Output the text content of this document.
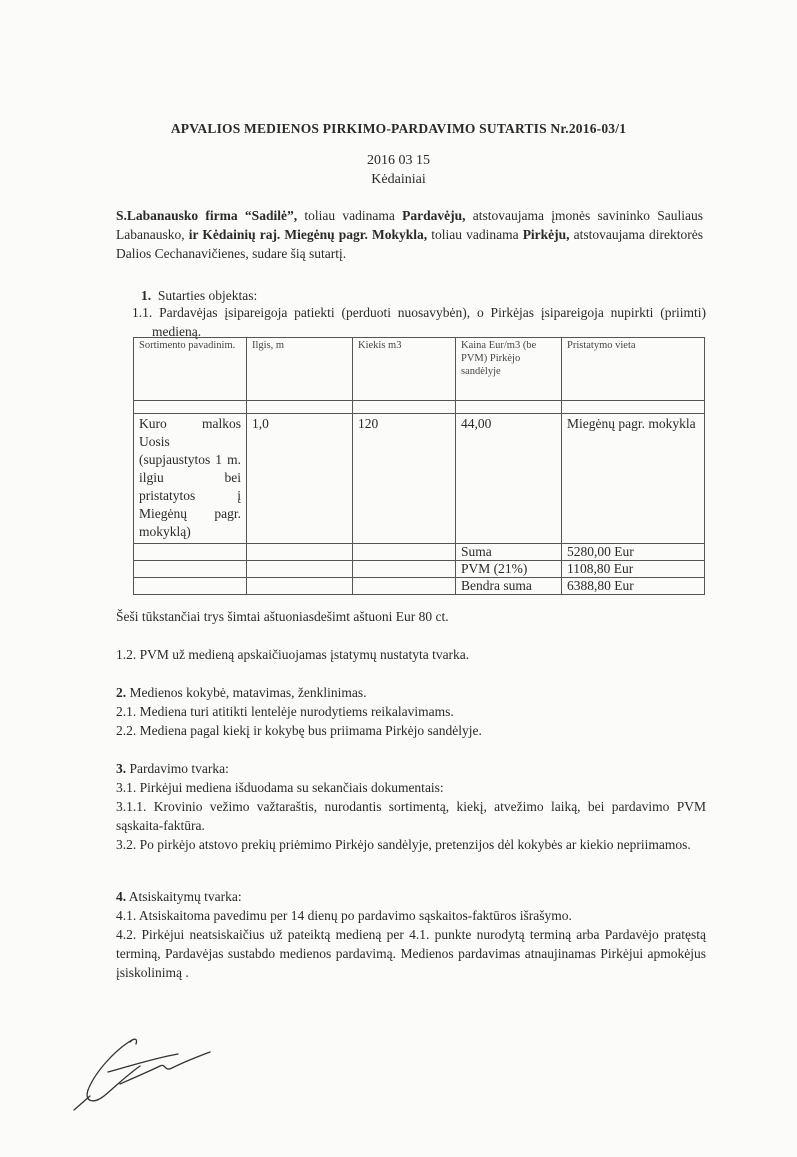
APVALIOS MEDIENOS PIRKIMO-PARDAVIMO SUTARTIS Nr.2016-03/1
2016 03 15
Kėdainiai
S.Labanausko firma “Sadilė”, toliau vadinama Pardavėju, atstovaujama įmonės savininko Sauliaus Labanausko, ir Kėdainių raj. Miegėnų pagr. Mokykla, toliau vadinama Pirkėju, atstovaujama direktorės Dalios Cechanavičienes, sudare šią sutartį.
1. Sutarties objektas:
1.1. Pardavėjas įsipareigoja patiekti (perduoti nuosavybėn), o Pirkėjas įsipareigoja nupirkti (priimti) medieną.
Sortimento pavadinim.	Ilgis, m	Kiekis m3	Kaina Eur/m3 (be PVM) Pirkėjo sandėlyje	Pristatymo vieta

Kuro malkos Uosis (supjaustytos 1 m. ilgiu bei pristatytos į Miegėnų pagr. mokyklą)	1,0	120	44,00	Miegėnų pagr. mokykla
			Suma	5280,00 Eur
			PVM (21%)	1108,80 Eur
			Bendra suma	6388,80 Eur
Šeši tūkstančiai trys šimtai aštuoniasdešimt aštuoni Eur 80 ct.
1.2. PVM už medieną apskaičiuojamas įstatymų nustatyta tvarka.
2. Medienos kokybė, matavimas, ženklinimas.
2.1. Mediena turi atitikti lentelėje nurodytiems reikalavimams.
2.2. Mediena pagal kiekį ir kokybę bus priimama Pirkėjo sandėlyje.
3. Pardavimo tvarka:
3.1. Pirkėjui mediena išduodama su sekančiais dokumentais:
3.1.1. Krovinio vežimo važtaraštis, nurodantis sortimentą, kiekį, atvežimo laiką, bei pardavimo PVM sąskaita-faktūra.
3.2. Po pirkėjo atstovo prekių priėmimo Pirkėjo sandėlyje, pretenzijos dėl kokybės ar kiekio nepriimamos.
4. Atsiskaitymų tvarka:
4.1. Atsiskaitoma pavedimu per 14 dienų po pardavimo sąskaitos-faktūros išrašymo.
4.2. Pirkėjui neatsiskaičius už pateiktą medieną per 4.1. punkte nurodytą terminą arba Pardavėjo pratęstą terminą, Pardavėjas sustabdo medienos pardavimą. Medienos pardavimas atnaujinamas Pirkėjui apmokėjus įsiskolinimą .
